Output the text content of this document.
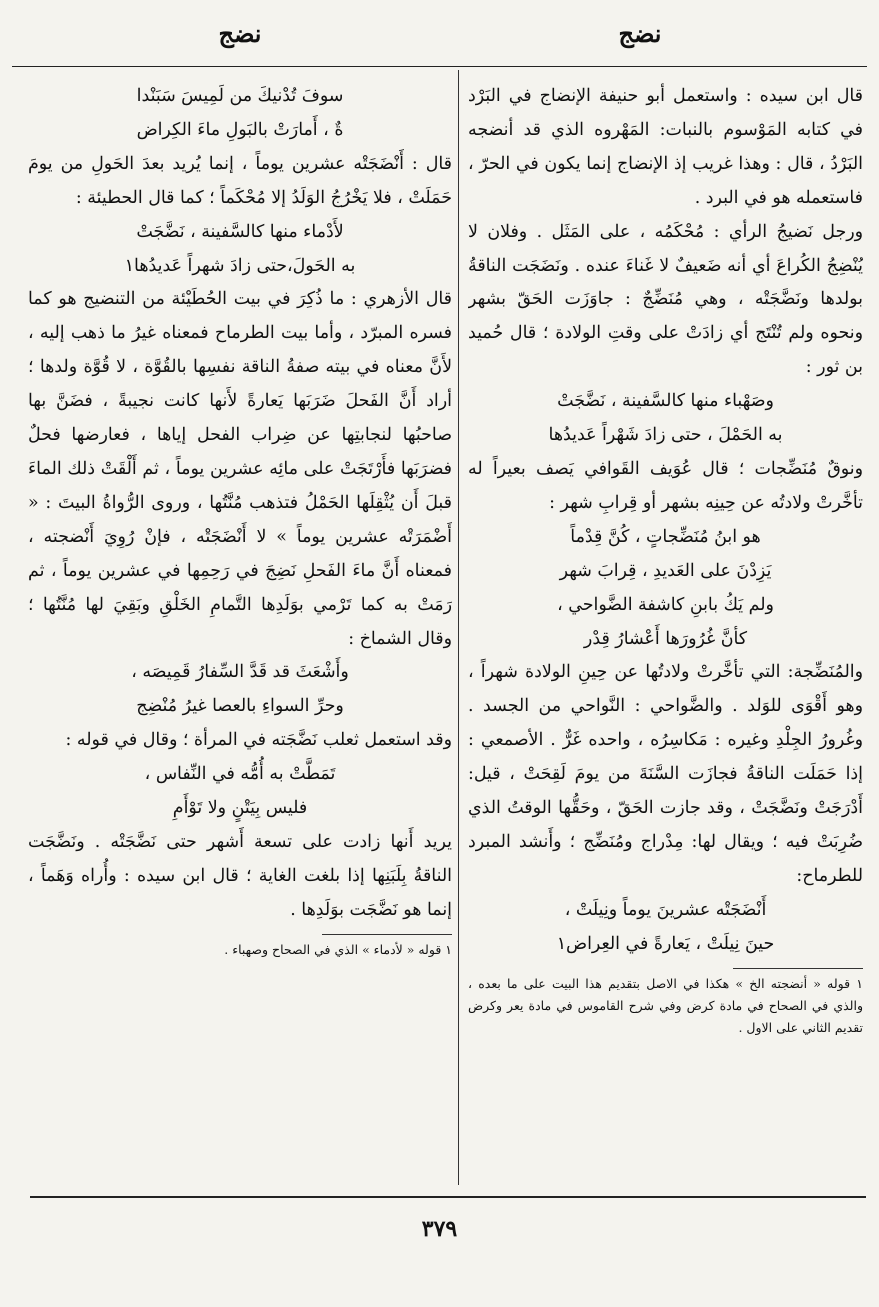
نضج
نضج

قال ابن سيده : واستعمل أبو حنيفة الإنضاج في البَرْد في كتابه المَوْسوم بالنبات: المَهْروه الذي قد أنضجه البَرْدُ ، قال : وهذا غريب إذ الإنضاج إنما يكون في الحرّ ، فاستعمله هو في البرد .

ورجل نَضيجُ الرأي : مُحْكَمُه ، على المَثَل . وفلان لا يُنْضِجُ الكُراعَ أي أنه ضَعيفٌ لا غَناءَ عنده . ونَضَجَت الناقةُ بولدها ونَضَّجَتْه ، وهي مُنَضِّجٌ : جاوَزَت الحَقّ بشهر ونحوه ولم تُنْتَج أي زادَتْ على وقتِ الولادة ؛ قال حُميد بن ثور :

وصَهْباء منها كالسَّفينة ، نَضَّجَتْ

به الحَمْلَ ، حتى زادَ شَهْراً عَديدُها

ونوقٌ مُنَضِّجات ؛ قال عُوَيف القَوافي يَصف بعيراً له تأخَّرتْ ولادتُه عن حِينِه بشهر أو قِرابِ شهر :

هو ابنُ مُنَضِّجاتٍ ، كُنَّ قِدْماً

يَزِدْنَ على العَديدِ ، قِرابَ شهر

ولم يَكُ بابنِ كاشفة الضَّواحي ،

كأنَّ غُرُورَها أَعْشارُ قِدْر

والمُنَضِّجة: التي تأخَّرتْ ولادتُها عن حِينِ الولادة شهراً ، وهو أَقْوَى للوَلد . والضَّواحي : النَّواحي من الجسد . وغُرورُ الجِلْدِ وغيره : مَكاسِرُه ، واحده غَرٌّ . الأصمعي : إذا حَمَلَت الناقةُ فجازَت السَّنَةَ من يومَ لَقِحَتْ ، قيل: أَدْرَجَتْ ونَضَّجَتْ ، وقد جازت الحَقّ ، وحَقُّها الوقتُ الذي ضُرِبَتْ فيه ؛ ويقال لها: مِدْراج ومُنَضِّج ؛ وأَنشد المبرد للطرماح:

أَنْضَجَتْه عشرينَ يوماً ونِيلَتْ ،

حينَ نِيلَتْ ، يَعارةً في العِراض١

١ قوله « أنضجته الخ » هكذا في الاصل بتقديم هذا البيت على ما بعده ، والذي في الصحاح في مادة كرض وفي شرح القاموس في مادة يعر وكرض تقديم الثاني على الاول .

سوفَ تُدْنيكَ من لَمِيسَ سَبَنْدا

ةٌ ، أَمارَتْ بالبَولِ ماءَ الكِراض

قال : أَنْضَجَتْه عشرين يوماً ، إنما يُريد بعدَ الحَولِ من يومَ حَمَلَتْ ، فلا يَخْرُجُ الوَلَدُ إلا مُحْكَماً ؛ كما قال الحطيئة :

لأَدْماء منها كالسَّفينة ، نَضَّجَتْ

به الحَولَ،حتى زادَ شهراً عَديدُها١

قال الأزهري : ما ذُكِرَ في بيت الحُطَيْئة من التنضيج هو كما فسره المبرّد ، وأما بيت الطرماح فمعناه غيرُ ما ذهب إليه ، لأَنَّ معناه في بيته صفةُ الناقة نفسِها بالقُوَّة ، لا قُوَّة ولدها ؛ أراد أَنَّ الفَحلَ ضَرَبَها يَعارةً لأَنها كانت نجيبةً ، فضَنَّ بها صاحبُها لنجابتِها عن ضِراب الفحل إياها ، فعارضها فحلٌ فضرَبَها فأَرْتَجَتْ على مائِه عشرين يوماً ، ثم أَلْقَتْ ذلك الماءَ قبلَ أَن يُثْقِلَها الحَمْلُ فتذهب مُنَّتُها ، وروى الرُّواةُ البيتَ : « أَضْمَرَتْه عشرين يوماً » لا أَنْضَجَتْه ، فإنْ رُوِيَ أَنْضجته ، فمعناه أَنَّ ماءَ الفَحلِ نَضِجَ في رَحِمِها في عشرين يوماً ، ثم رَمَتْ به كما تَرْمي بوَلَدِها التَّمامِ الخَلْقِ وبَقِيَ لها مُنَّتُها ؛ وقال الشماخ :

وأَشْعَثَ قد قَدَّ السِّفارُ قَمِيصَه ،

وحرِّ السواءِ بالعصا غيرُ مُنْضِج

وقد استعمل ثعلب نَضَّجَته في المرأة ؛ وقال في قوله :

تَمَطَّتْ به أُمُّه في النِّفاس ،

فليس بِيَتْنٍ ولا تَوْأَمِ

يريد أَنها زادت على تسعة أَشهر حتى نَضَّجَتْه . ونَضَّجَت الناقةُ بِلَبَنِها إذا بلغت الغاية ؛ قال ابن سيده : وأُراه وَهَماً ، إنما هو نَضَّجَت بوَلَدِها .

١ قوله « لأدماء » الذي في الصحاح وصهباء .
٣٧٩
